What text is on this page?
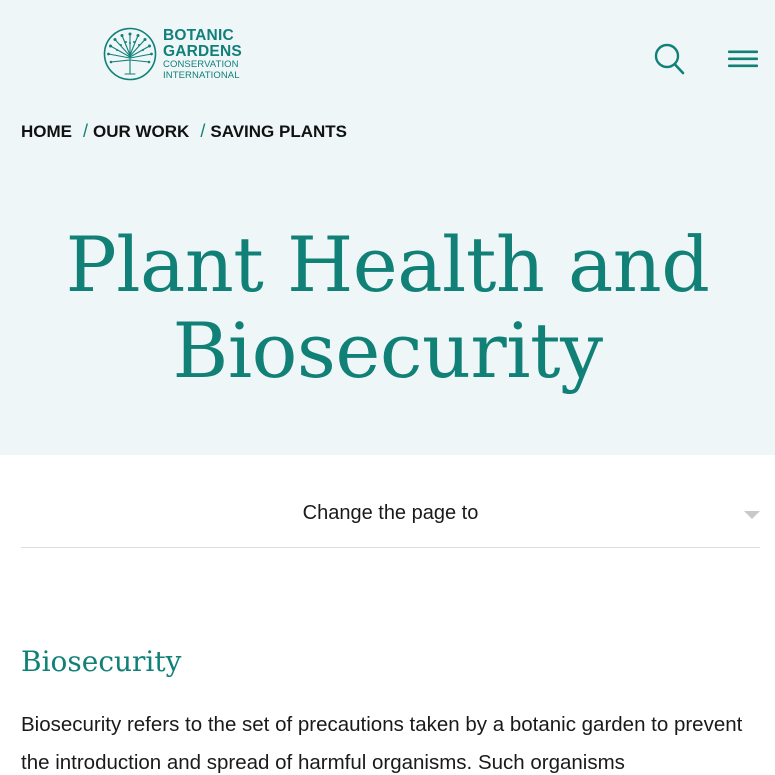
BOTANIC
GARDENS
CONSERVATION
INTERNATIONAL
HOME / OUR WORK / SAVING PLANTS
Plant Health and
Biosecurity
Change the page to
Biosecurity

Biosecurity refers to the set of precautions taken by a botanic garden to prevent the introduction and spread of harmful organisms. Such organisms
